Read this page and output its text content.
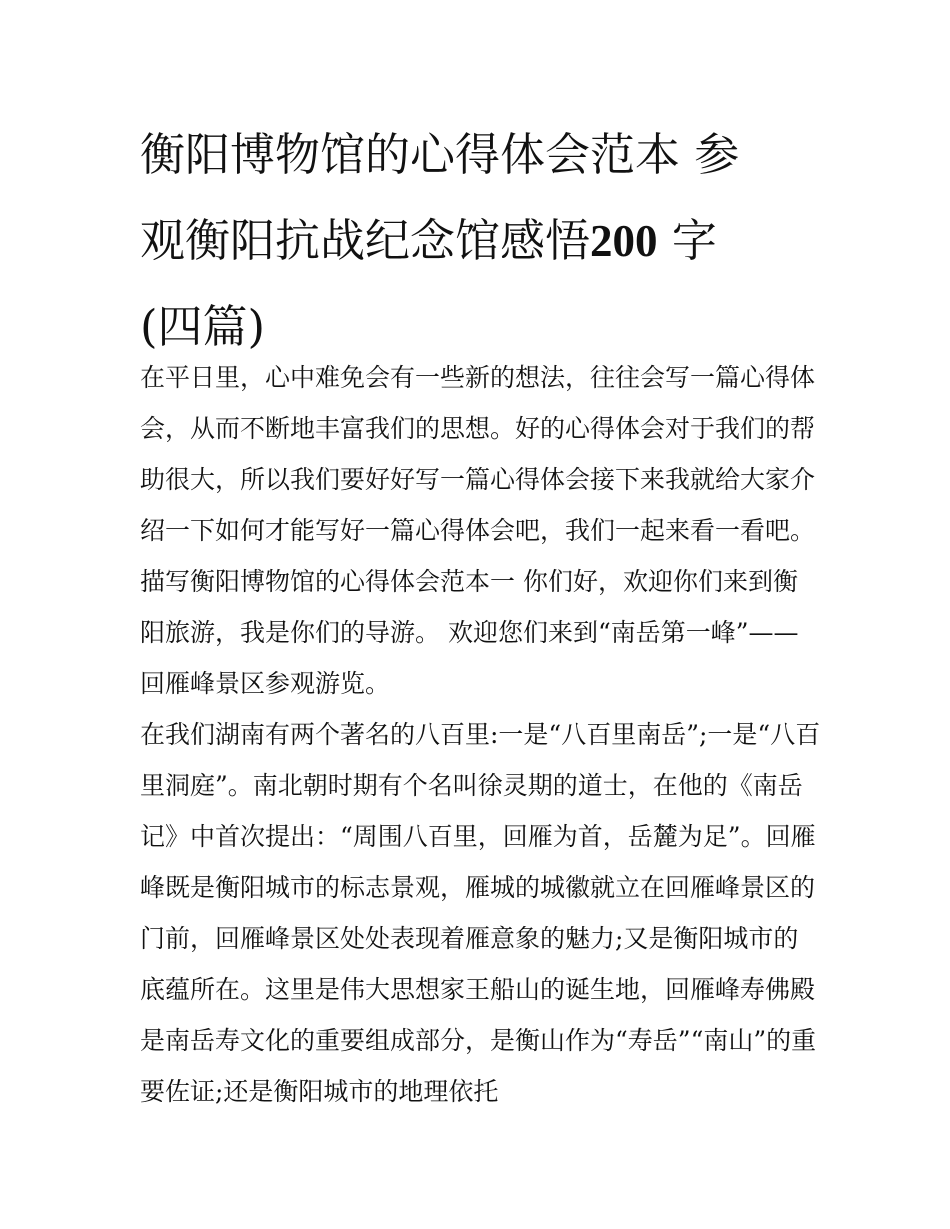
衡阳博物馆的心得体会范本 参
观衡阳抗战纪念馆感悟200 字
(四篇)
在平日里，心中难免会有一些新的想法，往往会写一篇心得体
会，从而不断地丰富我们的思想。好的心得体会对于我们的帮
助很大，所以我们要好好写一篇心得体会接下来我就给大家介
绍一下如何才能写好一篇心得体会吧，我们一起来看一看吧。
描写衡阳博物馆的心得体会范本一 你们好，欢迎你们来到衡
阳旅游，我是你们的导游。 欢迎您们来到“南岳第一峰”——
回雁峰景区参观游览。
在我们湖南有两个著名的八百里:一是“八百里南岳”;一是“八百
里洞庭”。南北朝时期有个名叫徐灵期的道士，在他的《南岳
记》中首次提出：“周围八百里，回雁为首，岳麓为足”。回雁
峰既是衡阳城市的标志景观，雁城的城徽就立在回雁峰景区的
门前，回雁峰景区处处表现着雁意象的魅力;又是衡阳城市的
底蕴所在。这里是伟大思想家王船山的诞生地，回雁峰寿佛殿
是南岳寿文化的重要组成部分，是衡山作为“寿岳”“南山”的重
要佐证;还是衡阳城市的地理依托
